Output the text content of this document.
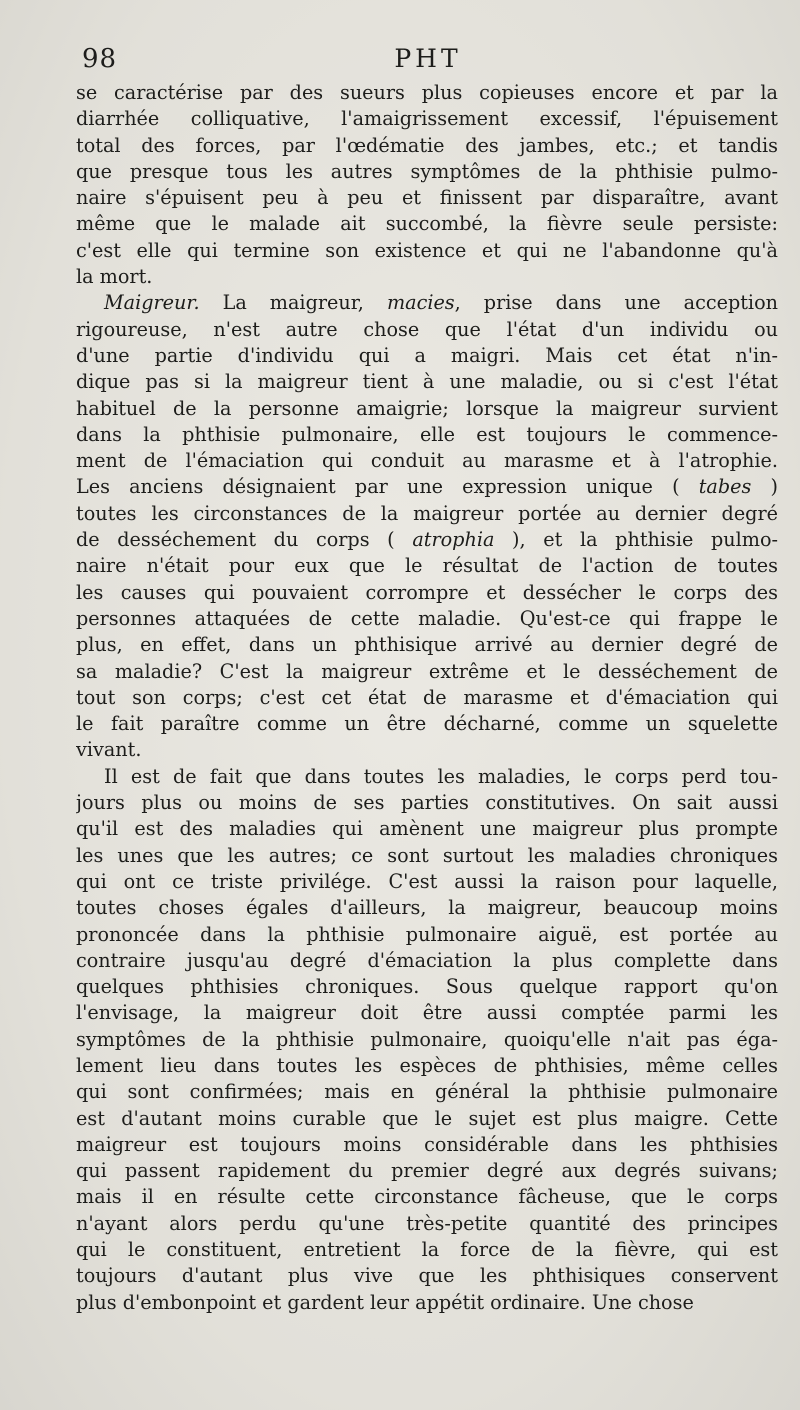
98	PHT
se caractérise par des sueurs plus copieuses encore et par la
diarrhée colliquative, l'amaigrissement excessif, l'épuisement
total des forces, par l'œdématie des jambes, etc.; et tandis
que presque tous les autres symptômes de la phthisie pulmo-
naire s'épuisent peu à peu et finissent par disparaître, avant
même que le malade ait succombé, la fièvre seule persiste:
c'est elle qui termine son existence et qui ne l'abandonne qu'à
la mort.
Maigreur. La maigreur, macies, prise dans une acception
rigoureuse, n'est autre chose que l'état d'un individu ou
d'une partie d'individu qui a maigri. Mais cet état n'in-
dique pas si la maigreur tient à une maladie, ou si c'est l'état
habituel de la personne amaigrie; lorsque la maigreur survient
dans la phthisie pulmonaire, elle est toujours le commence-
ment de l'émaciation qui conduit au marasme et à l'atrophie.
Les anciens désignaient par une expression unique ( tabes )
toutes les circonstances de la maigreur portée au dernier degré
de desséchement du corps ( atrophia ), et la phthisie pulmo-
naire n'était pour eux que le résultat de l'action de toutes
les causes qui pouvaient corrompre et dessécher le corps des
personnes attaquées de cette maladie. Qu'est-ce qui frappe le
plus, en effet, dans un phthisique arrivé au dernier degré de
sa maladie? C'est la maigreur extrême et le desséchement de
tout son corps; c'est cet état de marasme et d'émaciation qui
le fait paraître comme un être décharné, comme un squelette
vivant.
Il est de fait que dans toutes les maladies, le corps perd tou-
jours plus ou moins de ses parties constitutives. On sait aussi
qu'il est des maladies qui amènent une maigreur plus prompte
les unes que les autres; ce sont surtout les maladies chroniques
qui ont ce triste privilége. C'est aussi la raison pour laquelle,
toutes choses égales d'ailleurs, la maigreur, beaucoup moins
prononcée dans la phthisie pulmonaire aiguë, est portée au
contraire jusqu'au degré d'émaciation la plus complette dans
quelques phthisies chroniques. Sous quelque rapport qu'on
l'envisage, la maigreur doit être aussi comptée parmi les
symptômes de la phthisie pulmonaire, quoiqu'elle n'ait pas éga-
lement lieu dans toutes les espèces de phthisies, même celles
qui sont confirmées; mais en général la phthisie pulmonaire
est d'autant moins curable que le sujet est plus maigre. Cette
maigreur est toujours moins considérable dans les phthisies
qui passent rapidement du premier degré aux degrés suivans;
mais il en résulte cette circonstance fâcheuse, que le corps
n'ayant alors perdu qu'une très-petite quantité des principes
qui le constituent, entretient la force de la fièvre, qui est
toujours d'autant plus vive que les phthisiques conservent
plus d'embonpoint et gardent leur appétit ordinaire. Une chose
